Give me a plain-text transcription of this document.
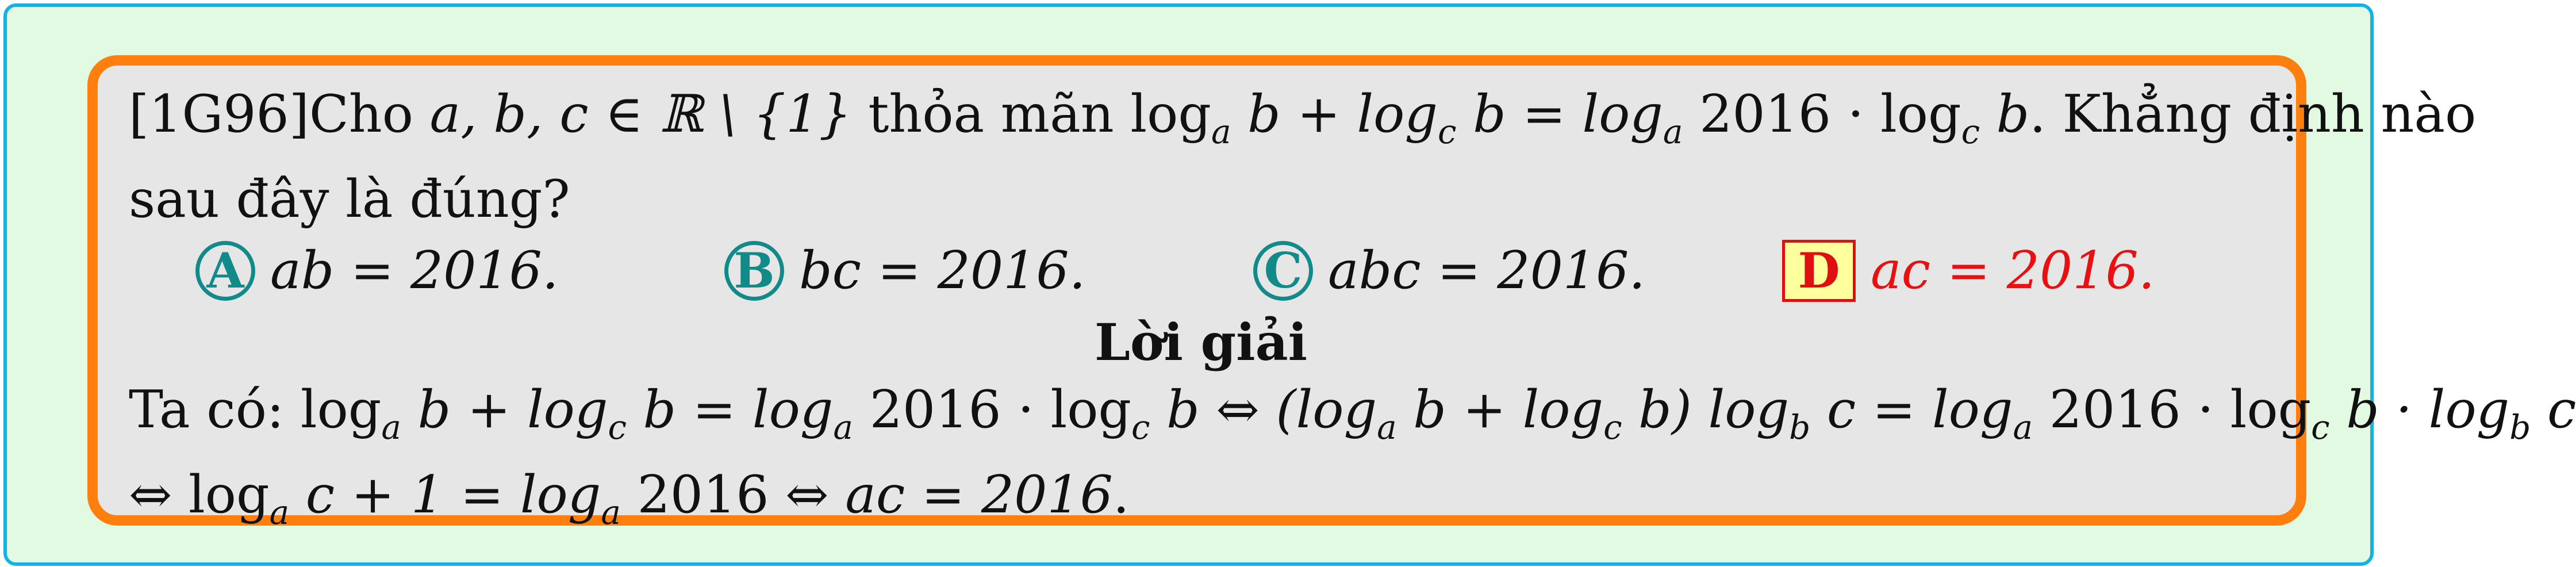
[1G96]Cho a, b, c ∈ ℝ \ {1} thỏa mãn $\log_a b + \log_c b = \log_a 2016 \cdot \log_c b$. Khẳng định nào
sau đây là đúng?
A ab = 2016.	B bc = 2016.	C abc = 2016.	D ac = 2016.
Lời giải
Ta có: $\log_a b + \log_c b = \log_a 2016 \cdot \log_c b$ ⇔ ($\log_a$ $b + \log_c b$) $\log_b c = \log_a 2016 \cdot \log_c b \cdot \log_b c$
⇔ $\log_a c + 1 = \log_a 2016$ ⇔ ac = 2016.
